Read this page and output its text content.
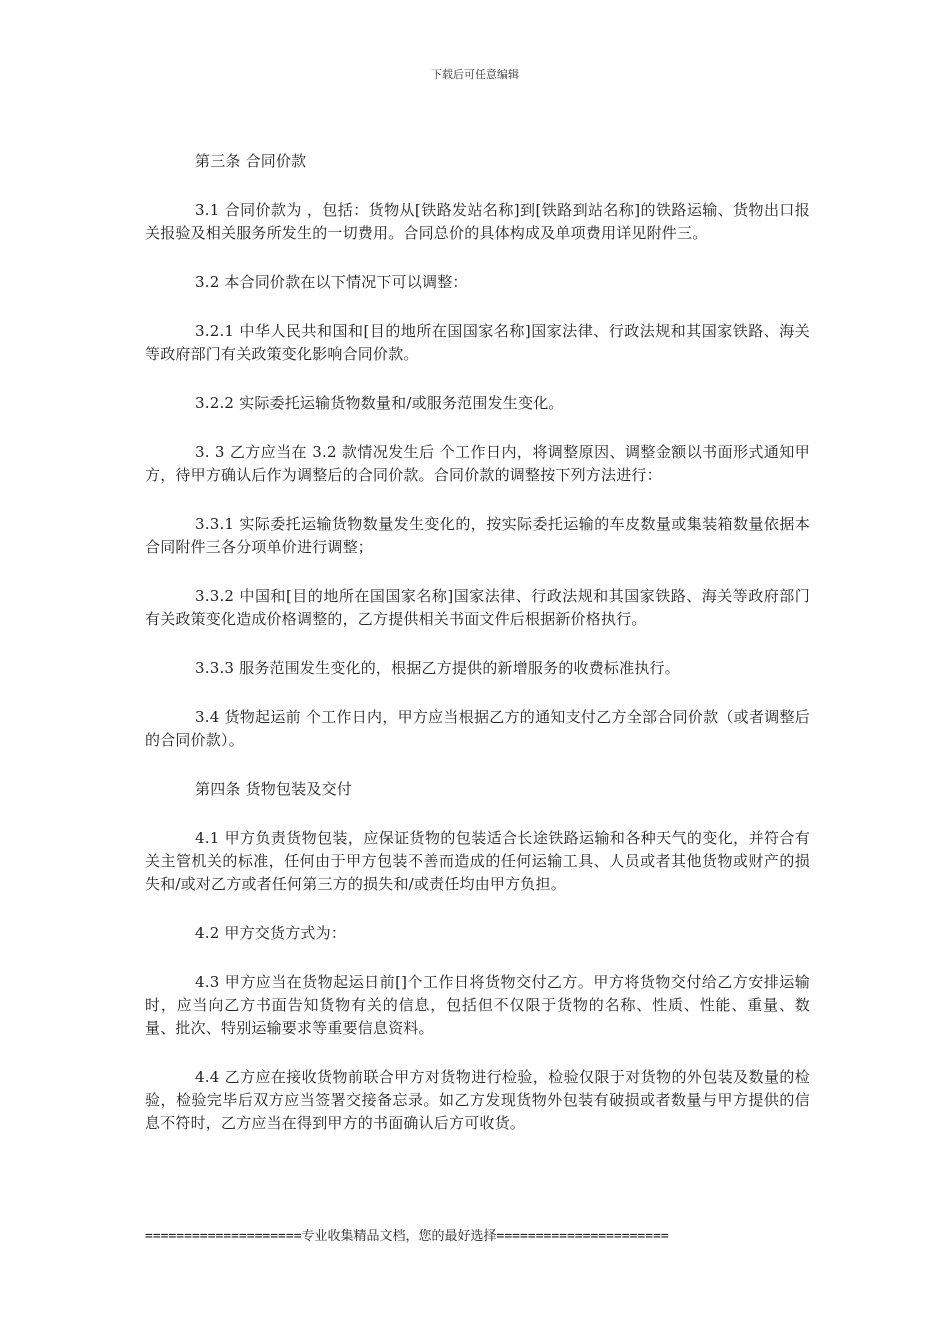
下载后可任意编辑

第三条 合同价款

3.1 合同价款为 ，包括：货物从[铁路发站名称]到[铁路到站名称]的铁路运输、货物出口报关报验及相关服务所发生的一切费用。合同总价的具体构成及单项费用详见附件三。

3.2 本合同价款在以下情况下可以调整：

3.2.1 中华人民共和国和[目的地所在国国家名称]国家法律、行政法规和其国家铁路、海关等政府部门有关政策变化影响合同价款。

3.2.2 实际委托运输货物数量和/或服务范围发生变化。

3. 3 乙方应当在 3.2 款情况发生后 个工作日内，将调整原因、调整金额以书面形式通知甲方，待甲方确认后作为调整后的合同价款。合同价款的调整按下列方法进行：

3.3.1 实际委托运输货物数量发生变化的，按实际委托运输的车皮数量或集装箱数量依据本合同附件三各分项单价进行调整；

3.3.2 中国和[目的地所在国国家名称]国家法律、行政法规和其国家铁路、海关等政府部门有关政策变化造成价格调整的，乙方提供相关书面文件后根据新价格执行。

3.3.3 服务范围发生变化的，根据乙方提供的新增服务的收费标准执行。

3.4 货物起运前 个工作日内，甲方应当根据乙方的通知支付乙方全部合同价款（或者调整后的合同价款）。

第四条 货物包装及交付

4.1 甲方负责货物包装，应保证货物的包装适合长途铁路运输和各种天气的变化，并符合有关主管机关的标准，任何由于甲方包装不善而造成的任何运输工具、人员或者其他货物或财产的损失和/或对乙方或者任何第三方的损失和/或责任均由甲方负担。

4.2 甲方交货方式为：

4.3 甲方应当在货物起运日前[]个工作日将货物交付乙方。甲方将货物交付给乙方安排运输时，应当向乙方书面告知货物有关的信息，包括但不仅限于货物的名称、性质、性能、重量、数量、批次、特别运输要求等重要信息资料。

4.4 乙方应在接收货物前联合甲方对货物进行检验，检验仅限于对货物的外包装及数量的检验，检验完毕后双方应当签署交接备忘录。如乙方发现货物外包装有破损或者数量与甲方提供的信息不符时，乙方应当在得到甲方的书面确认后方可收货。

====================专业收集精品文档，您的最好选择======================
